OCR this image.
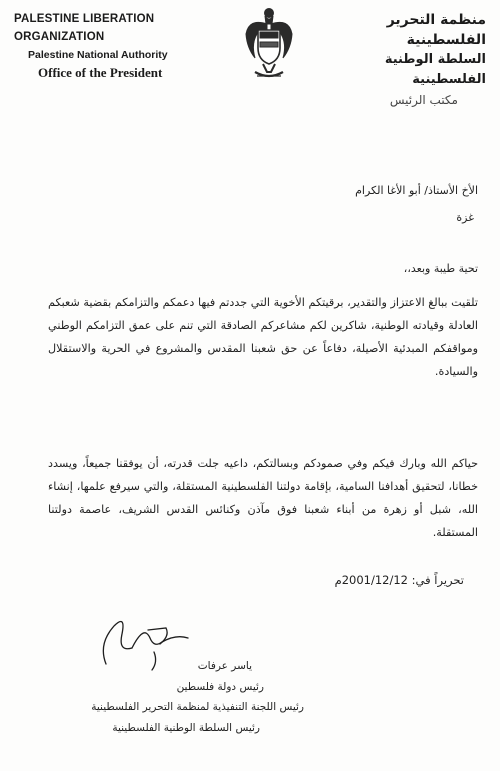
PALESTINE LIBERATION ORGANIZATION
Palestine National Authority
Office of the President
منظمة التحرير الفلسطينية
السلطة الوطنية الفلسطينية
مكتب الرئيس
الأخ الأستاذ/ أبو الأغا الكرام
غزة
تحية طيبة وبعد،،
تلقيت ببالغ الاعتزاز والتقدير، برقيتكم الأخوية التي جددتم فيها دعمكم والتزامكم بقضية شعبكم العادلة وقيادته الوطنية، شاكرين لكم مشاعركم الصادقة التي تنم على عمق التزامكم الوطني ومواقفكم المبدئية الأصيلة، دفاعاً عن حق شعبنا المقدس والمشروع في الحرية والاستقلال والسيادة.
حياكم الله وبارك فيكم وفي صمودكم وبسالتكم، داعيه جلت قدرته، أن يوفقنا جميعاً، ويسدد خطانا، لتحقيق أهدافنا السامية، بإقامة دولتنا الفلسطينية المستقلة، والتي سيرفع علمها، إنشاء الله، شبل أو زهرة من أبناء شعبنا فوق مآذن وكنائس القدس الشريف، عاصمة دولتنا المستقلة.
تحريراً في: 2001/12/12م
ياسر عرفات
رئيس دولة فلسطين
رئيس اللجنة التنفيذية لمنظمة التحرير الفلسطينية
رئيس السلطة الوطنية الفلسطينية
